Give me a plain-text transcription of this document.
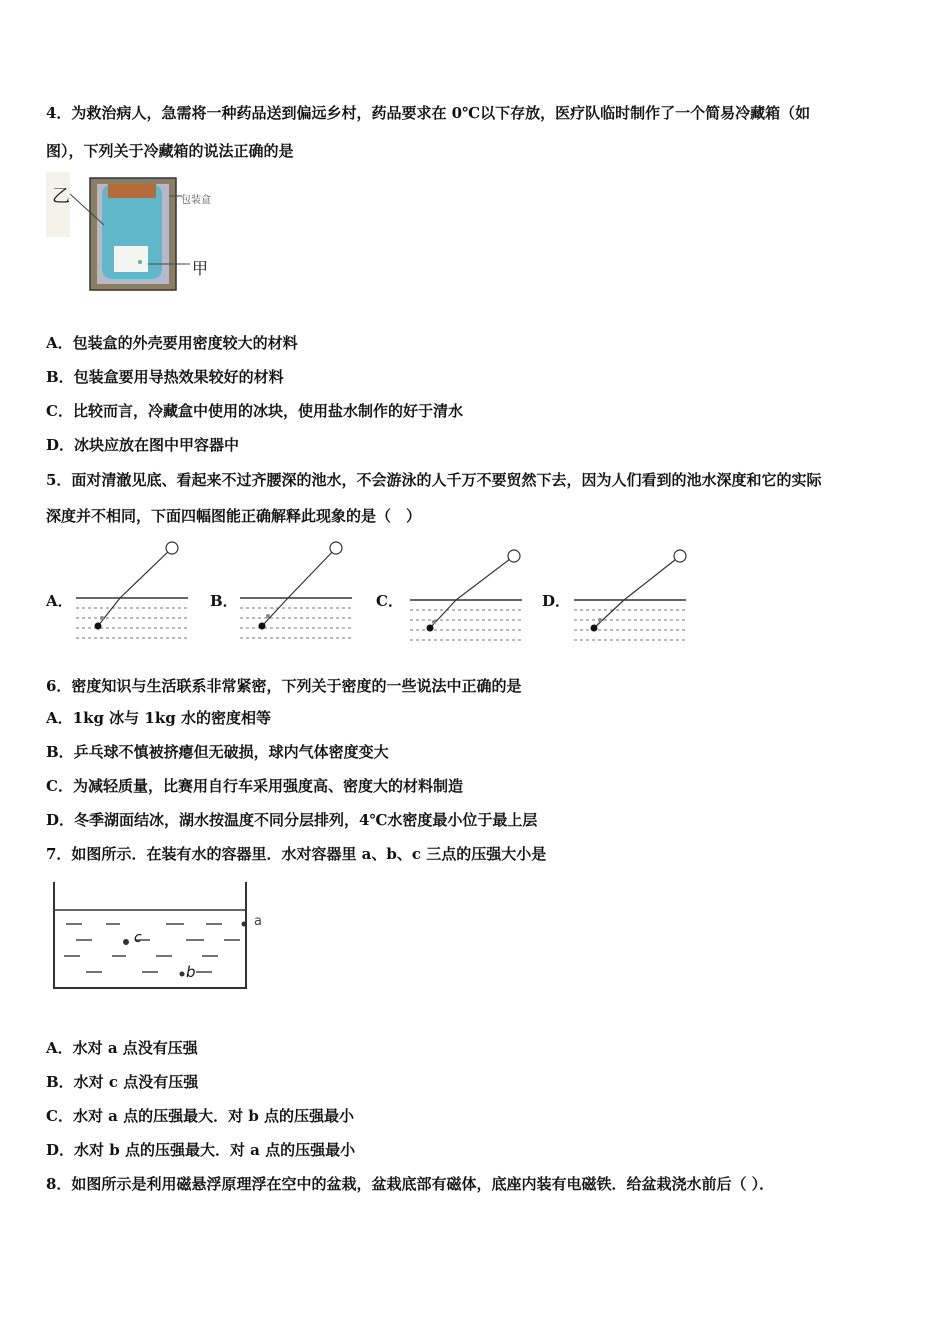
4．为救治病人，急需将一种药品送到偏远乡村，药品要求在 0℃以下存放，医疗队临时制作了一个简易冷藏箱（如
图），下列关于冷藏箱的说法正确的是
乙	包装盒
甲
A．包装盒的外壳要用密度较大的材料
B．包装盒要用导热效果较好的材料
C．比较而言，冷藏盒中使用的冰块，使用盐水制作的好于清水
D．冰块应放在图中甲容器中
5．面对清澈见底、看起来不过齐腰深的池水，不会游泳的人千万不要贸然下去，因为人们看到的池水深度和它的实际
深度并不相同，下面四幅图能正确解释此现象的是（　）
A．	B．	C．	D．
6．密度知识与生活联系非常紧密，下列关于密度的一些说法中正确的是
A．1kg 冰与 1kg 水的密度相等
B．乒乓球不慎被挤瘪但无破损，球内气体密度变大
C．为减轻质量，比赛用自行车采用强度高、密度大的材料制造
D．冬季湖面结冰，湖水按温度不同分层排列，4℃水密度最小位于最上层
7．如图所示．在装有水的容器里．水对容器里 a、b、c 三点的压强大小是
c
a
b
A．水对 a 点没有压强
B．水对 c 点没有压强
C．水对 a 点的压强最大．对 b 点的压强最小
D．水对 b 点的压强最大．对 a 点的压强最小
8．如图所示是利用磁悬浮原理浮在空中的盆栽，盆栽底部有磁体，底座内装有电磁铁．给盆栽浇水前后（ ）．
